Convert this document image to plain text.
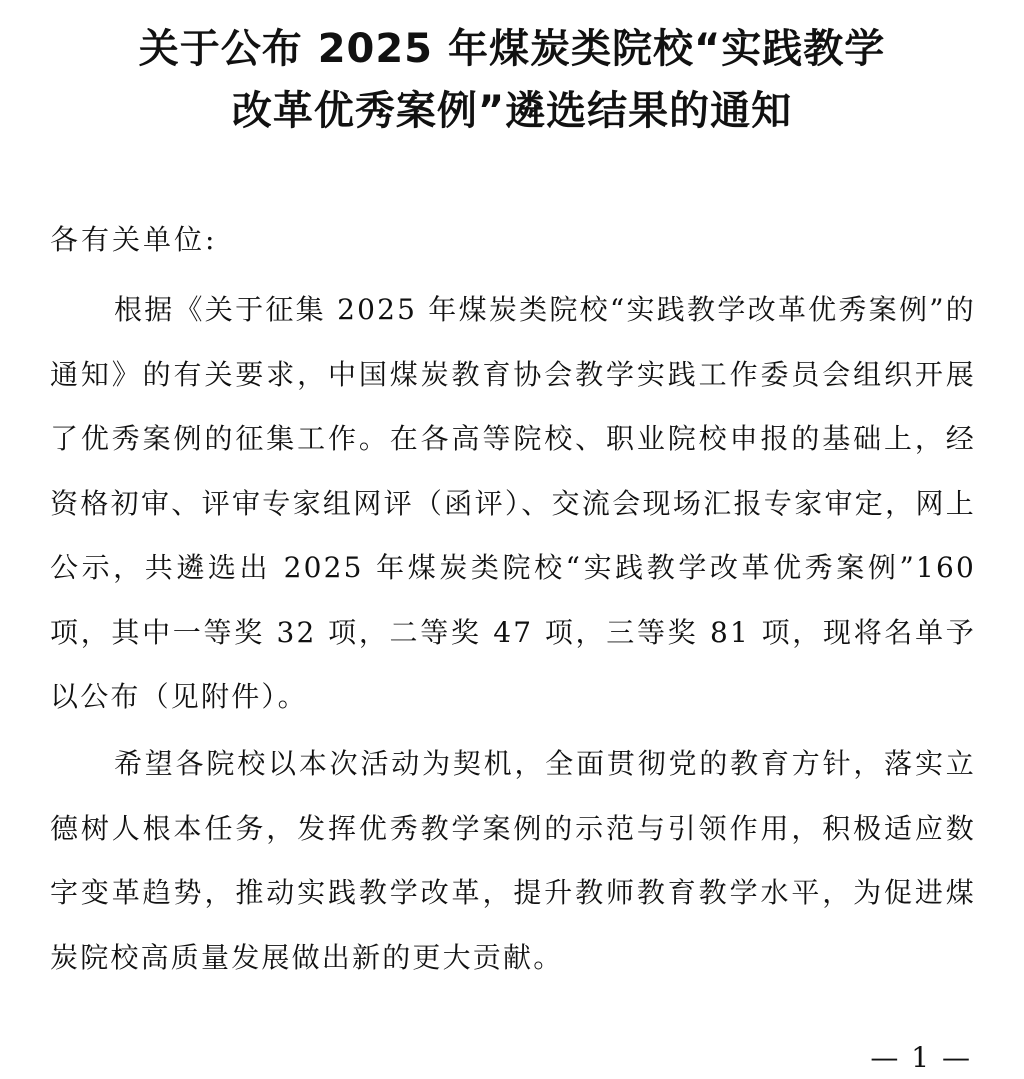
关于公布 2025 年煤炭类院校“实践教学
改革优秀案例”遴选结果的通知

各有关单位:

根据《关于征集 2025 年煤炭类院校“实践教学改革优秀案例”的通知》的有关要求，中国煤炭教育协会教学实践工作委员会组织开展了优秀案例的征集工作。在各高等院校、职业院校申报的基础上，经资格初审、评审专家组网评（函评）、交流会现场汇报专家审定，网上公示，共遴选出 2025 年煤炭类院校“实践教学改革优秀案例”160 项，其中一等奖 32 项，二等奖 47 项，三等奖 81 项，现将名单予以公布（见附件）。

希望各院校以本次活动为契机，全面贯彻党的教育方针，落实立德树人根本任务，发挥优秀教学案例的示范与引领作用，积极适应数字变革趋势，推动实践教学改革，提升教师教育教学水平，为促进煤炭院校高质量发展做出新的更大贡献。

— 1 —
